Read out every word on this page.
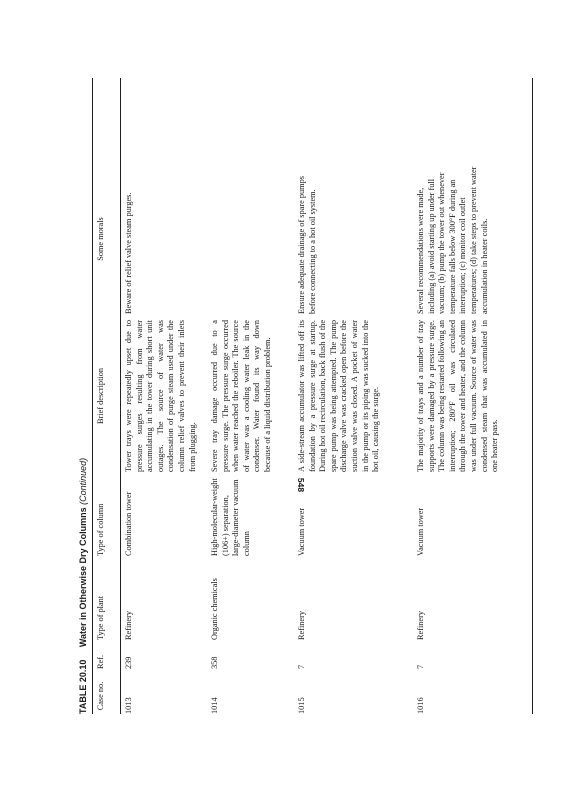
TABLE 20.10 Water in Otherwise Dry Columns (Continued)
Case no.
Ref.
Type of plant
Type of column
Brief description
Some morals
1013
239
Refinery
Combination tower
Tower trays were repeatedly upset due to pressure surges resulting from water accumulating in the tower during short unit outages. The source of water was condensation of purge steam used under the column relief valves to prevent their inlets from plugging.
Beware of relief valve steam purges.
1014
358
Organic chemicals
High-molecular-weight (106+) separation, large-diameter vacuum column
Severe tray damage occurred due to a pressure surge. The pressure surge occurred when water reached the reboiler. The source of water was a cooling water leak in the condenser. Water found its way down because of a liquid distribution problem.
1015
7
Refinery
Vacuum tower
A side-stream accumulator was lifted off its foundation by a pressure surge at startup. During hot oil recirculation, back flush of the spare pump was being attempted. The pump discharge valve was cracked open before the suction valve was closed. A pocket of water in the pump or its piping was sucked into the hot oil, causing the surge.
Ensure adequate drainage of spare pumps before connecting to a hot oil system.
1016
7
Refinery
Vacuum tower
The majority of trays and a number of tray supports were damaged by a pressure surge. The column was being restarted following an interruption; 280°F oil was circulated through the tower and heater, and the column was under full vacuum. Source of water was condensed steam that was accumulated in one heater pass.
Several recommendations were made, including (a) avoid starting up under full vacuum; (b) pump the tower out whenever temperature falls below 300°F during an interruption; (c) monitor coil outlet temperatures; (d) take steps to prevent water accumulation in heater coils.
548
